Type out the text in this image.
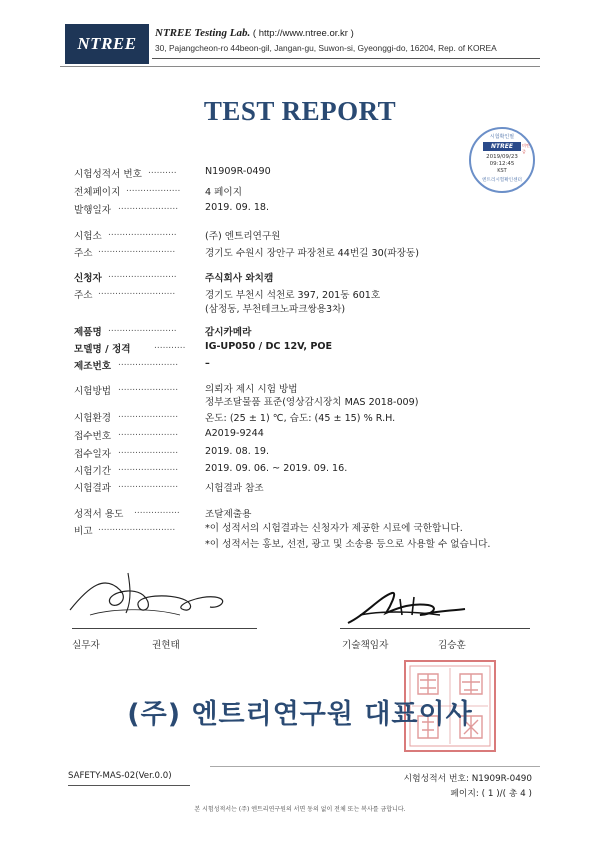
NTREE
NTREE Testing Lab. ( http://www.ntree.or.kr )
30, Pajangcheon-ro 44beon-gil, Jangan-gu, Suwon-si, Gyeonggi-do, 16204, Rep. of KOREA
TEST REPORT
시험확인필
NTREE	미인증
2019/09/23
09:12:45
KST
엔트리시험확인센터
시험성적서 번호 ..........	N1909R-0490
전체페이지 ...................	4 페이지
발행일자 .....................	2019. 09. 18.
시험소 ........................	(주) 엔트리연구원
주소 ...........................	경기도 수원시 장안구 파장천로 44번길 30(파장동)
신청자 ........................	주식회사 와치캠
주소 ...........................	경기도 부천시 석천로 397, 201동 601호
(삼정동, 부천테크노파크쌍용3차)
제품명 ........................	감시카메라
모델명 / 정격	...........	IG-UP050 / DC 12V, POE
제조번호 .....................	–
시험방법 .....................	의뢰자 제시 시험 방법
정부조달물품 표준(영상감시장치 MAS 2018-009)
시험환경 .....................	온도: (25 ± 1) ℃, 습도: (45 ± 15) % R.H.
접수번호 .....................	A2019-9244
접수일자 .....................	2019. 08. 19.
시험기간 .....................	2019. 09. 06. ~ 2019. 09. 16.
시험결과 .....................	시험결과 참조
성적서 용도	................	조달제출용
비고 ...........................	*이 성적서의 시험결과는 신청자가 제공한 시료에 국한합니다.
*이 성적서는 홍보, 선전, 광고 및 소송용 등으로 사용할 수 없습니다.
실무자	권현태	기술책임자	김승훈
(주) 엔트리연구원 대표이사
SAFETY-MAS-02(Ver.0.0)	시험성적서 번호: N1909R-0490
페이지: ( 1 )/( 총 4 )
본 시험성적서는 (주) 엔트리연구원의 서면 동의 없이 전체 또는 복사를 금합니다.
